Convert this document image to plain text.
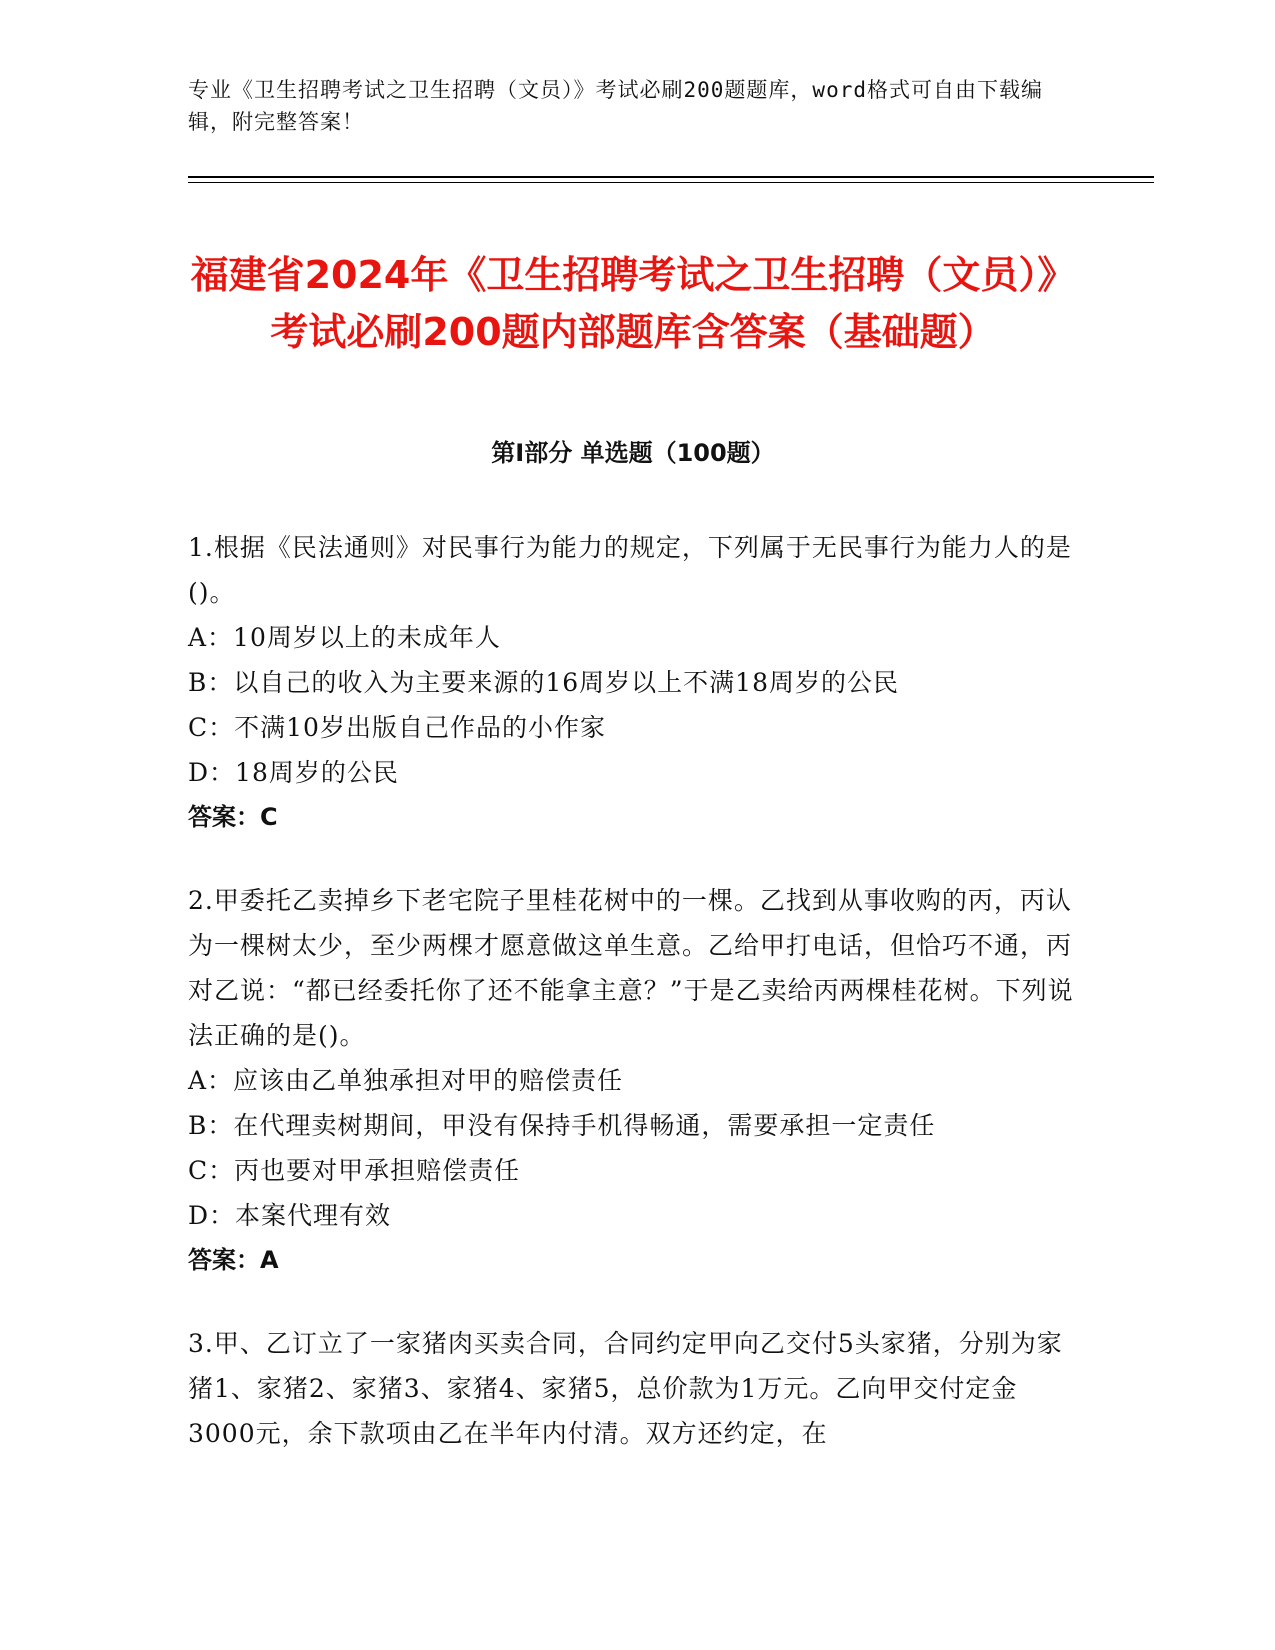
专业《卫生招聘考试之卫生招聘（文员）》考试必刷200题题库，word格式可自由下载编辑，附完整答案！
福建省2024年《卫生招聘考试之卫生招聘（文员）》考试必刷200题内部题库含答案（基础题）
第Ⅰ部分 单选题（100题）

1.根据《民法通则》对民事行为能力的规定，下列属于无民事行为能力人的是()。

A：10周岁以上的未成年人

B：以自己的收入为主要来源的16周岁以上不满18周岁的公民

C：不满10岁出版自己作品的小作家

D：18周岁的公民

答案：C

2.甲委托乙卖掉乡下老宅院子里桂花树中的一棵。乙找到从事收购的丙，丙认为一棵树太少，至少两棵才愿意做这单生意。乙给甲打电话，但恰巧不通，丙对乙说：“都已经委托你了还不能拿主意？”于是乙卖给丙两棵桂花树。下列说法正确的是()。

A：应该由乙单独承担对甲的赔偿责任

B：在代理卖树期间，甲没有保持手机得畅通，需要承担一定责任

C：丙也要对甲承担赔偿责任

D：本案代理有效

答案：A

3.甲、乙订立了一家猪肉买卖合同，合同约定甲向乙交付5头家猪，分别为家猪1、家猪2、家猪3、家猪4、家猪5，总价款为1万元。乙向甲交付定金3000元，余下款项由乙在半年内付清。双方还约定，在
